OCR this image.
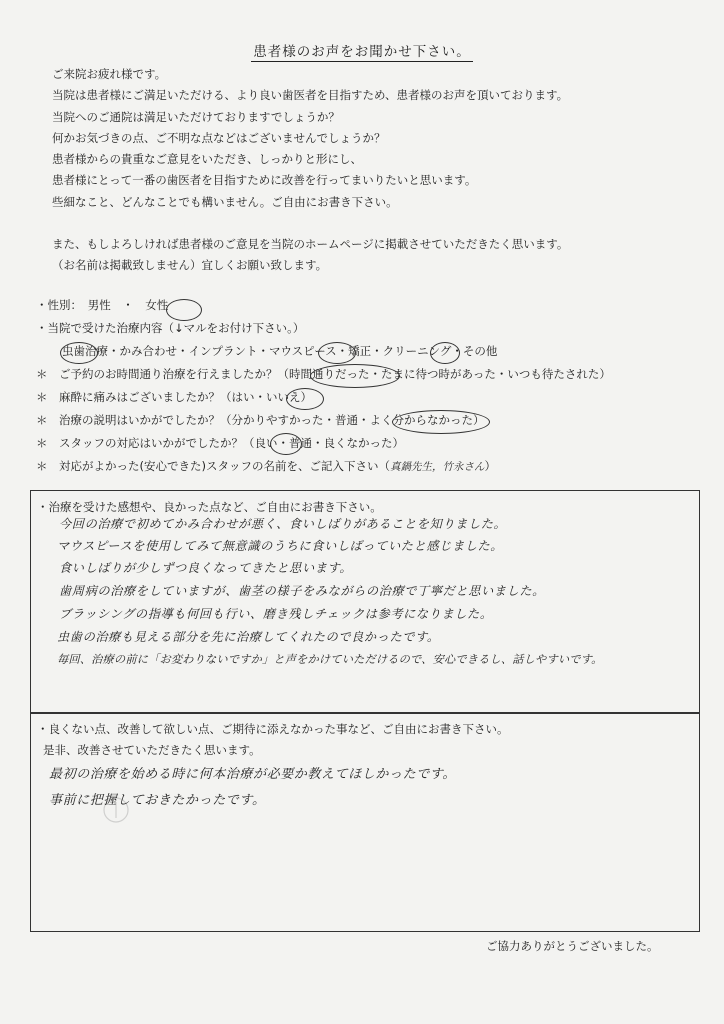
患者様のお声をお聞かせ下さい。

ご来院お疲れ様です。

当院は患者様にご満足いただける、より良い歯医者を目指すため、患者様のお声を頂いております。

当院へのご通院は満足いただけておりますでしょうか？

何かお気づきの点、ご不明な点などはございませんでしょうか？

患者様からの貴重なご意見をいただき、しっかりと形にし、

患者様にとって一番の歯医者を目指すために改善を行ってまいりたいと思います。

些細なこと、どんなことでも構いません。ご自由にお書き下さい。

また、もしよろしければ患者様のご意見を当院のホームページに掲載させていただきたく思います。

（お名前は掲載致しません）宜しくお願い致します。

・性別：　男性　・　女性
・当院で受けた治療内容（↓マルをお付け下さい。）
虫歯治療・かみ合わせ・インプラント・マウスピース・矯正・クリーニング・その他
＊　ご予約のお時間通り治療を行えましたか？（時間通りだった・たまに待つ時があった・いつも待たされた）
＊　麻酔に痛みはございましたか？（はい・いいえ）
＊　治療の説明はいかがでしたか？（分かりやすかった・普通・よく分からなかった）
＊　スタッフの対応はいかがでしたか？（良い・普通・良くなかった）
＊　対応がよかった(安心できた)スタッフの名前を、ご記入下さい（真鍋先生，竹永さん）
・治療を受けた感想や、良かった点など、ご自由にお書き下さい。
今回の治療で初めてかみ合わせが悪く、食いしばりがあることを知りました。
マウスピースを使用してみて無意識のうちに食いしばっていたと感じました。
食いしばりが少しずつ良くなってきたと思います。
歯周病の治療をしていますが、歯茎の様子をみながらの治療で丁寧だと思いました。
ブラッシングの指導も何回も行い、磨き残しチェックは参考になりました。
虫歯の治療も見える部分を先に治療してくれたので良かったです。
毎回、治療の前に「お変わりないですか」と声をかけていただけるので、安心できるし、話しやすいです。
・良くない点、改善して欲しい点、ご期待に添えなかった事など、ご自由にお書き下さい。
是非、改善させていただきたく思います。
最初の治療を始める時に何本治療が必要か教えてほしかったです。
事前に把握しておきたかったです。
ご協力ありがとうございました。
